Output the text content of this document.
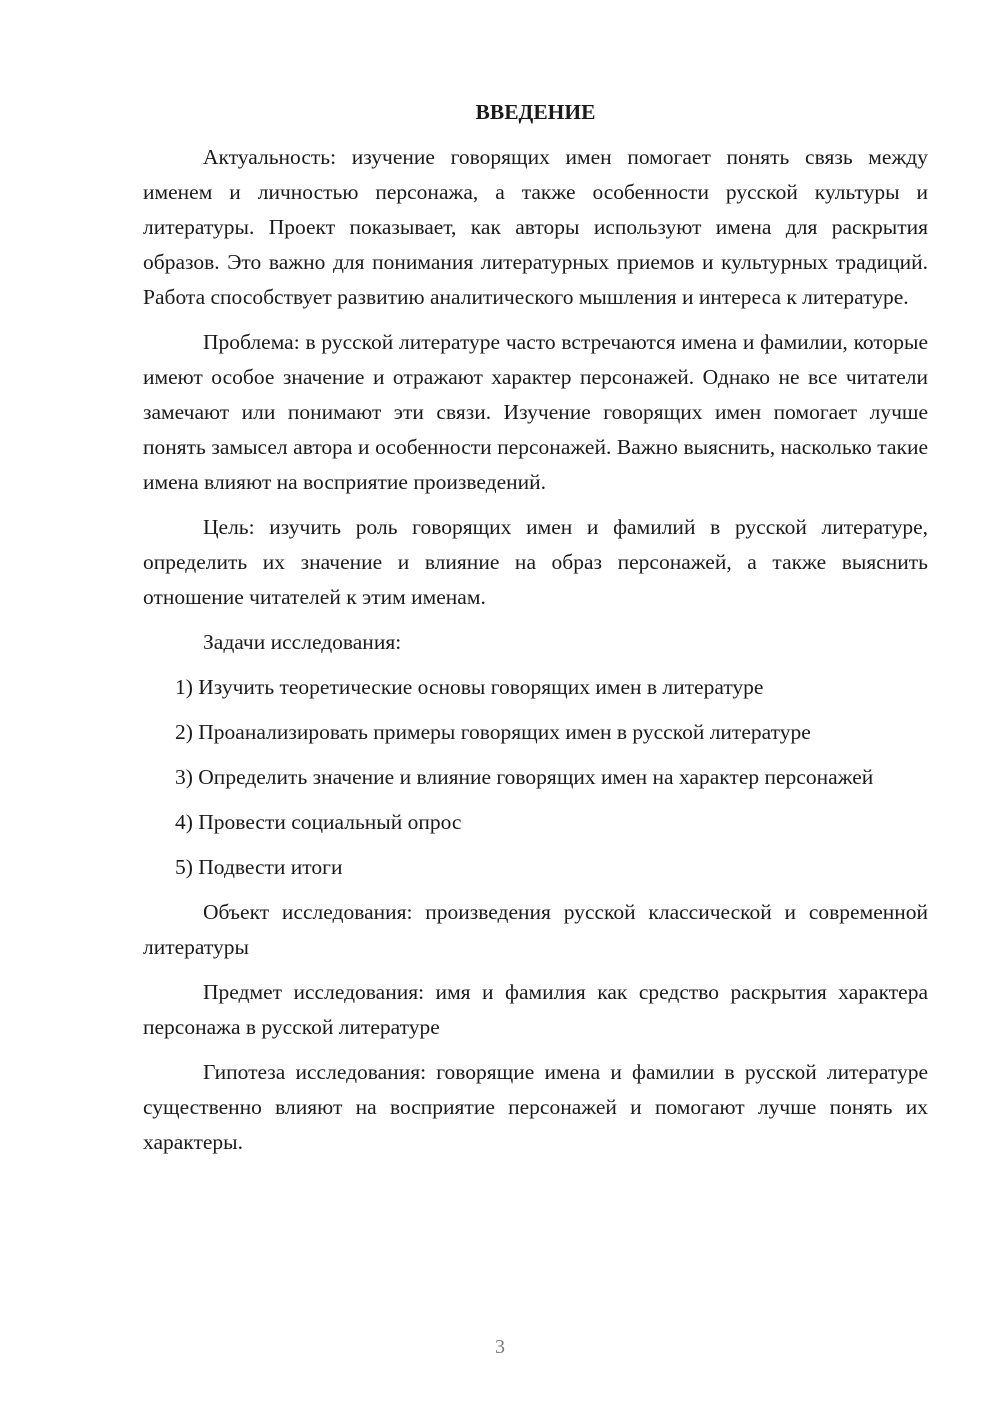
ВВЕДЕНИЕ

Актуальность: изучение говорящих имен помогает понять связь между именем и личностью персонажа, а также особенности русской культуры и литературы. Проект показывает, как авторы используют имена для раскрытия образов. Это важно для понимания литературных приемов и культурных традиций. Работа способствует развитию аналитического мышления и интереса к литературе.

Проблема: в русской литературе часто встречаются имена и фамилии, которые имеют особое значение и отражают характер персонажей. Однако не все читатели замечают или понимают эти связи. Изучение говорящих имен помогает лучше понять замысел автора и особенности персонажей. Важно выяснить, насколько такие имена влияют на восприятие произведений.

Цель: изучить роль говорящих имен и фамилий в русской литературе, определить их значение и влияние на образ персонажей, а также выяснить отношение читателей к этим именам.

Задачи исследования:

1) Изучить теоретические основы говорящих имен в литературе

2) Проанализировать примеры говорящих имен в русской литературе

3) Определить значение и влияние говорящих имен на характер персонажей

4) Провести социальный опрос

5) Подвести итоги

Объект исследования: произведения русской классической и современной литературы

Предмет исследования: имя и фамилия как средство раскрытия характера персонажа в русской литературе

Гипотеза исследования: говорящие имена и фамилии в русской литературе существенно влияют на восприятие персонажей и помогают лучше понять их характеры.

3
